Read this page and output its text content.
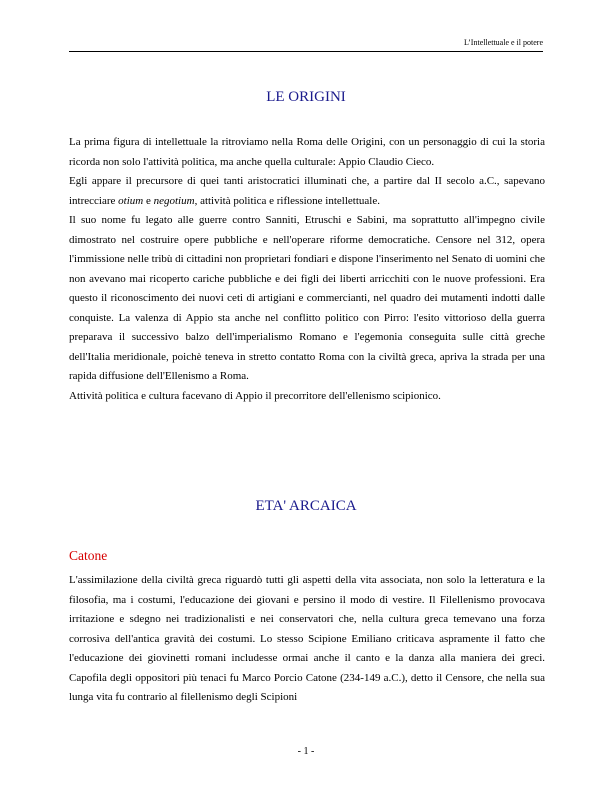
L’Intellettuale e il potere
LE ORIGINI

La prima figura di intellettuale la ritroviamo nella Roma delle Origini, con un personaggio di cui la storia ricorda non solo l'attività politica, ma anche quella culturale: Appio Claudio Cieco.

Egli appare il precursore di quei tanti aristocratici illuminati che, a partire dal II secolo a.C., sapevano intrecciare otium e negotium, attività politica e riflessione intellettuale.

Il suo nome fu legato alle guerre contro Sanniti, Etruschi e Sabini, ma soprattutto all'impegno civile dimostrato nel costruire opere pubbliche e nell'operare riforme democratiche. Censore nel 312, opera l'immissione nelle tribù di cittadini non proprietari fondiari e dispone l'inserimento nel Senato di uomini che non avevano mai ricoperto cariche pubbliche e dei figli dei liberti arricchiti con le nuove professioni. Era questo il riconoscimento dei nuovi ceti di artigiani e commercianti, nel quadro dei mutamenti indotti dalle conquiste. La valenza di Appio sta anche nel conflitto politico con Pirro: l'esito vittorioso della guerra preparava il successivo balzo dell'imperialismo Romano e l'egemonia conseguita sulle città greche dell'Italia meridionale, poichè teneva in stretto contatto Roma con la civiltà greca, apriva la strada per una rapida diffusione dell'Ellenismo a Roma.

Attività politica e cultura facevano di Appio il precorritore dell'ellenismo scipionico.

ETA' ARCAICA
Catone

L'assimilazione della civiltà greca riguardò tutti gli aspetti della vita associata, non solo la letteratura e la filosofia, ma i costumi, l'educazione dei giovani e persino il modo di vestire. Il Filellenismo provocava irritazione e sdegno nei tradizionalisti e nei conservatori che, nella cultura greca temevano una forza corrosiva dell'antica gravità dei costumi. Lo stesso Scipione Emiliano criticava aspramente il fatto che l'educazione dei giovinetti romani includesse ormai anche il canto e la danza alla maniera dei greci. Capofila degli oppositori più tenaci fu Marco Porcio Catone (234-149 a.C.), detto il Censore, che nella sua lunga vita fu contrario al filellenismo degli Scipioni

- 1 -
